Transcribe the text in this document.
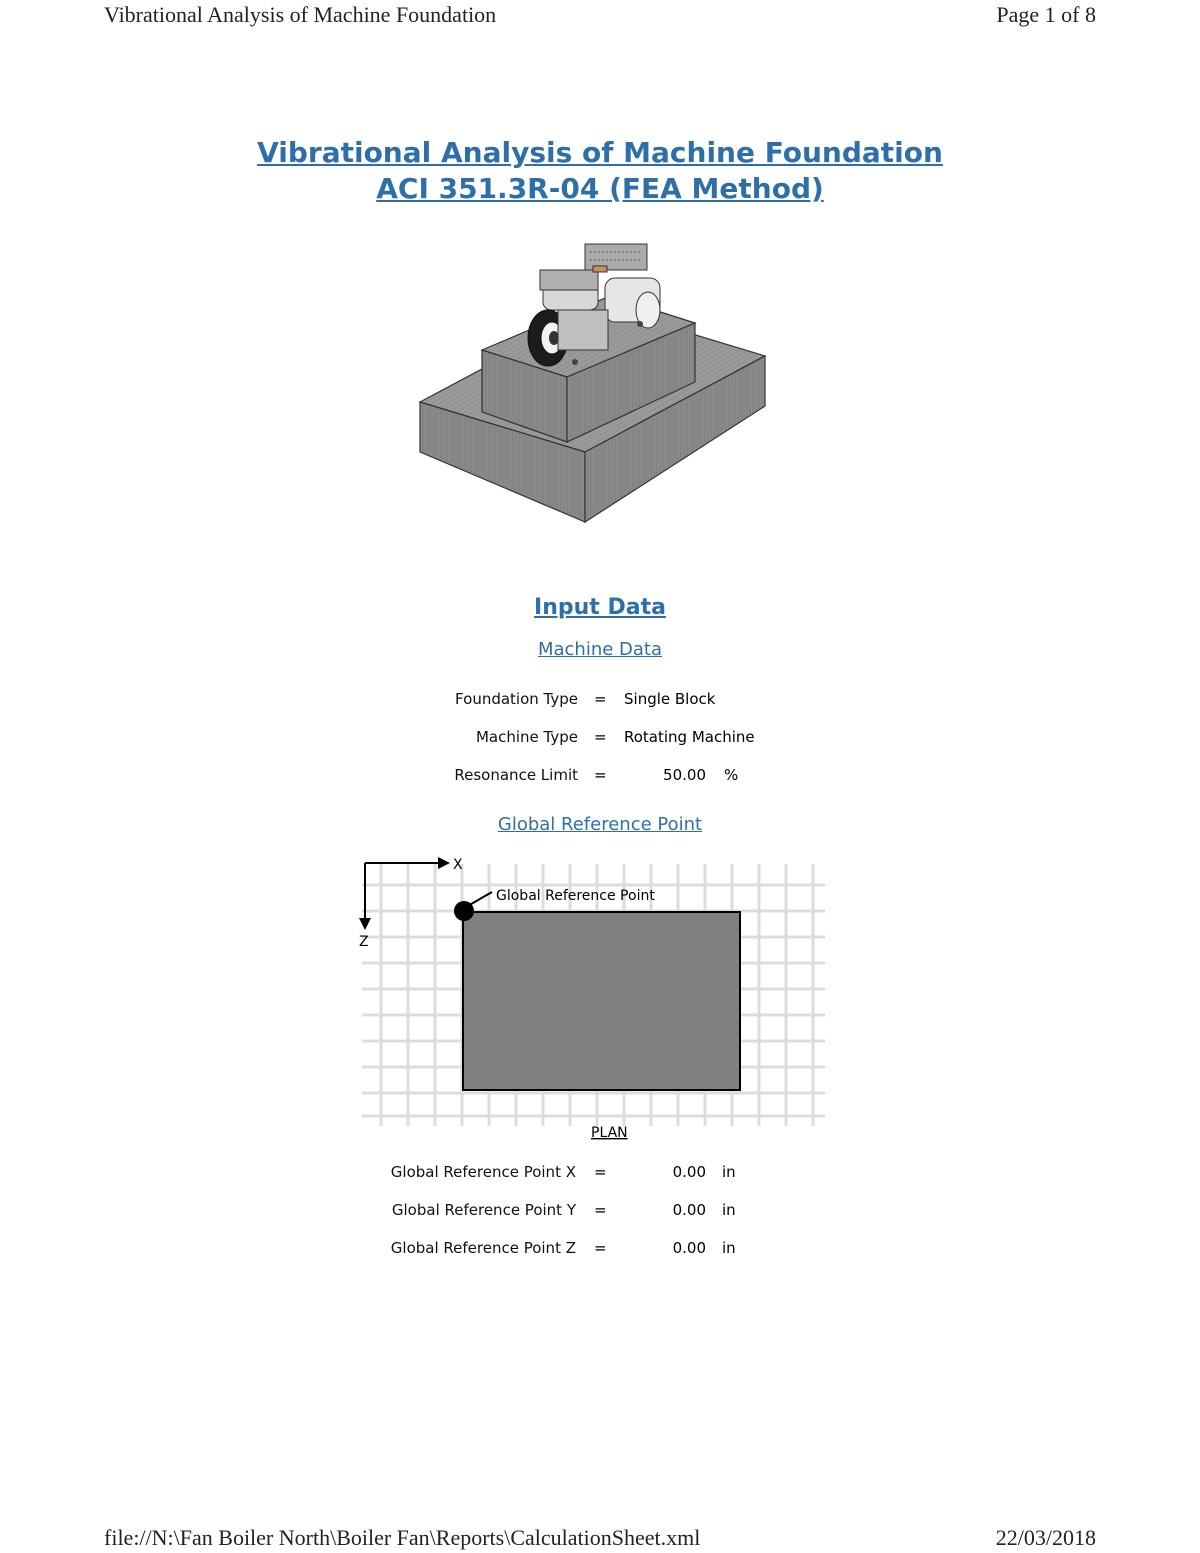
Vibrational Analysis of Machine Foundation	Page 1 of 8
Vibrational Analysis of Machine Foundation
ACI 351.3R-04 (FEA Method)
Input Data
Machine Data
Foundation Type = Single Block
Machine Type = Rotating Machine
Resonance Limit =	50.00 %
Global Reference Point
X
Z
Global Reference Point
PLAN
Global Reference Point X =	0.00 in
Global Reference Point Y =	0.00 in
Global Reference Point Z =	0.00 in
file://N:\Fan Boiler North\Boiler Fan\Reports\CalculationSheet.xml	22/03/2018
